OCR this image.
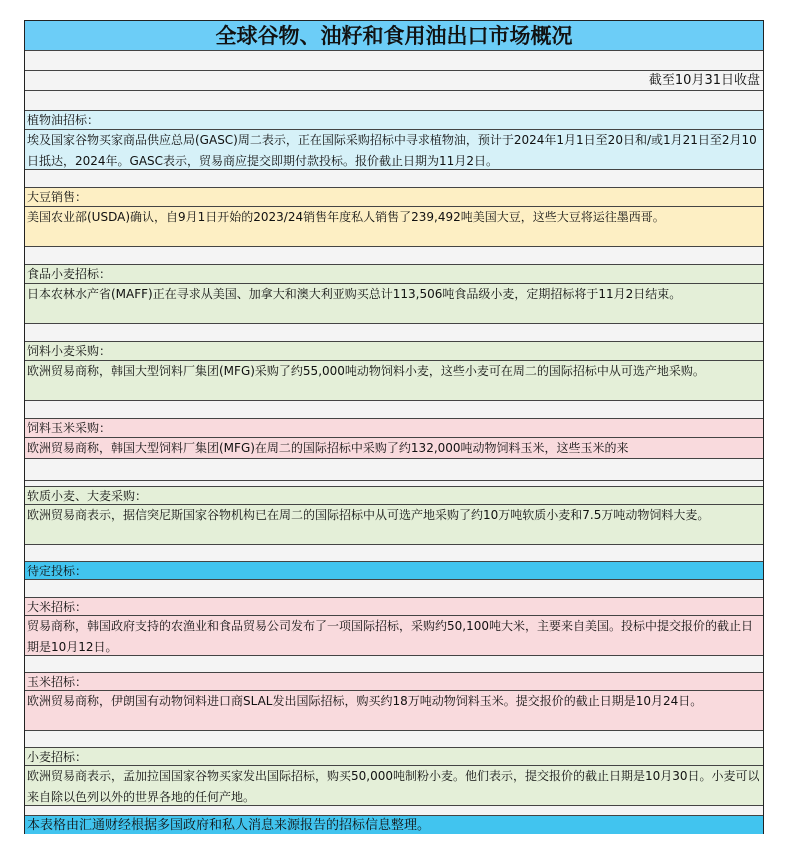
全球谷物、油籽和食用油出口市场概况
截至10月31日收盘
植物油招标：
埃及国家谷物买家商品供应总局(GASC)周二表示，正在国际采购招标中寻求植物油，预计于2024年1月1日至20日和/或1月21日至2月10日抵达，2024年。GASC表示，贸易商应提交即期付款投标。报价截止日期为11月2日。
大豆销售：
美国农业部(USDA)确认，自9月1日开始的2023/24销售年度私人销售了239,492吨美国大豆，这些大豆将运往墨西哥。
食品小麦招标：
日本农林水产省(MAFF)正在寻求从美国、加拿大和澳大利亚购买总计113,506吨食品级小麦，定期招标将于11月2日结束。
饲料小麦采购：
欧洲贸易商称，韩国大型饲料厂集团(MFG)采购了约55,000吨动物饲料小麦，这些小麦可在周二的国际招标中从可选产地采购。
饲料玉米采购：
欧洲贸易商称，韩国大型饲料厂集团(MFG)在周二的国际招标中采购了约132,000吨动物饲料玉米，这些玉米的来
软质小麦、大麦采购：
欧洲贸易商表示，据信突尼斯国家谷物机构已在周二的国际招标中从可选产地采购了约10万吨软质小麦和7.5万吨动物饲料大麦。
待定投标：
大米招标：
贸易商称，韩国政府支持的农渔业和食品贸易公司发布了一项国际招标，采购约50,100吨大米，主要来自美国。投标中提交报价的截止日期是10月12日。
玉米招标：
欧洲贸易商称，伊朗国有动物饲料进口商SLAL发出国际招标，购买约18万吨动物饲料玉米。提交报价的截止日期是10月24日。
小麦招标：
欧洲贸易商表示，孟加拉国国家谷物买家发出国际招标，购买50,000吨制粉小麦。他们表示，提交报价的截止日期是10月30日。小麦可以来自除以色列以外的世界各地的任何产地。
本表格由汇通财经根据多国政府和私人消息来源报告的招标信息整理。
